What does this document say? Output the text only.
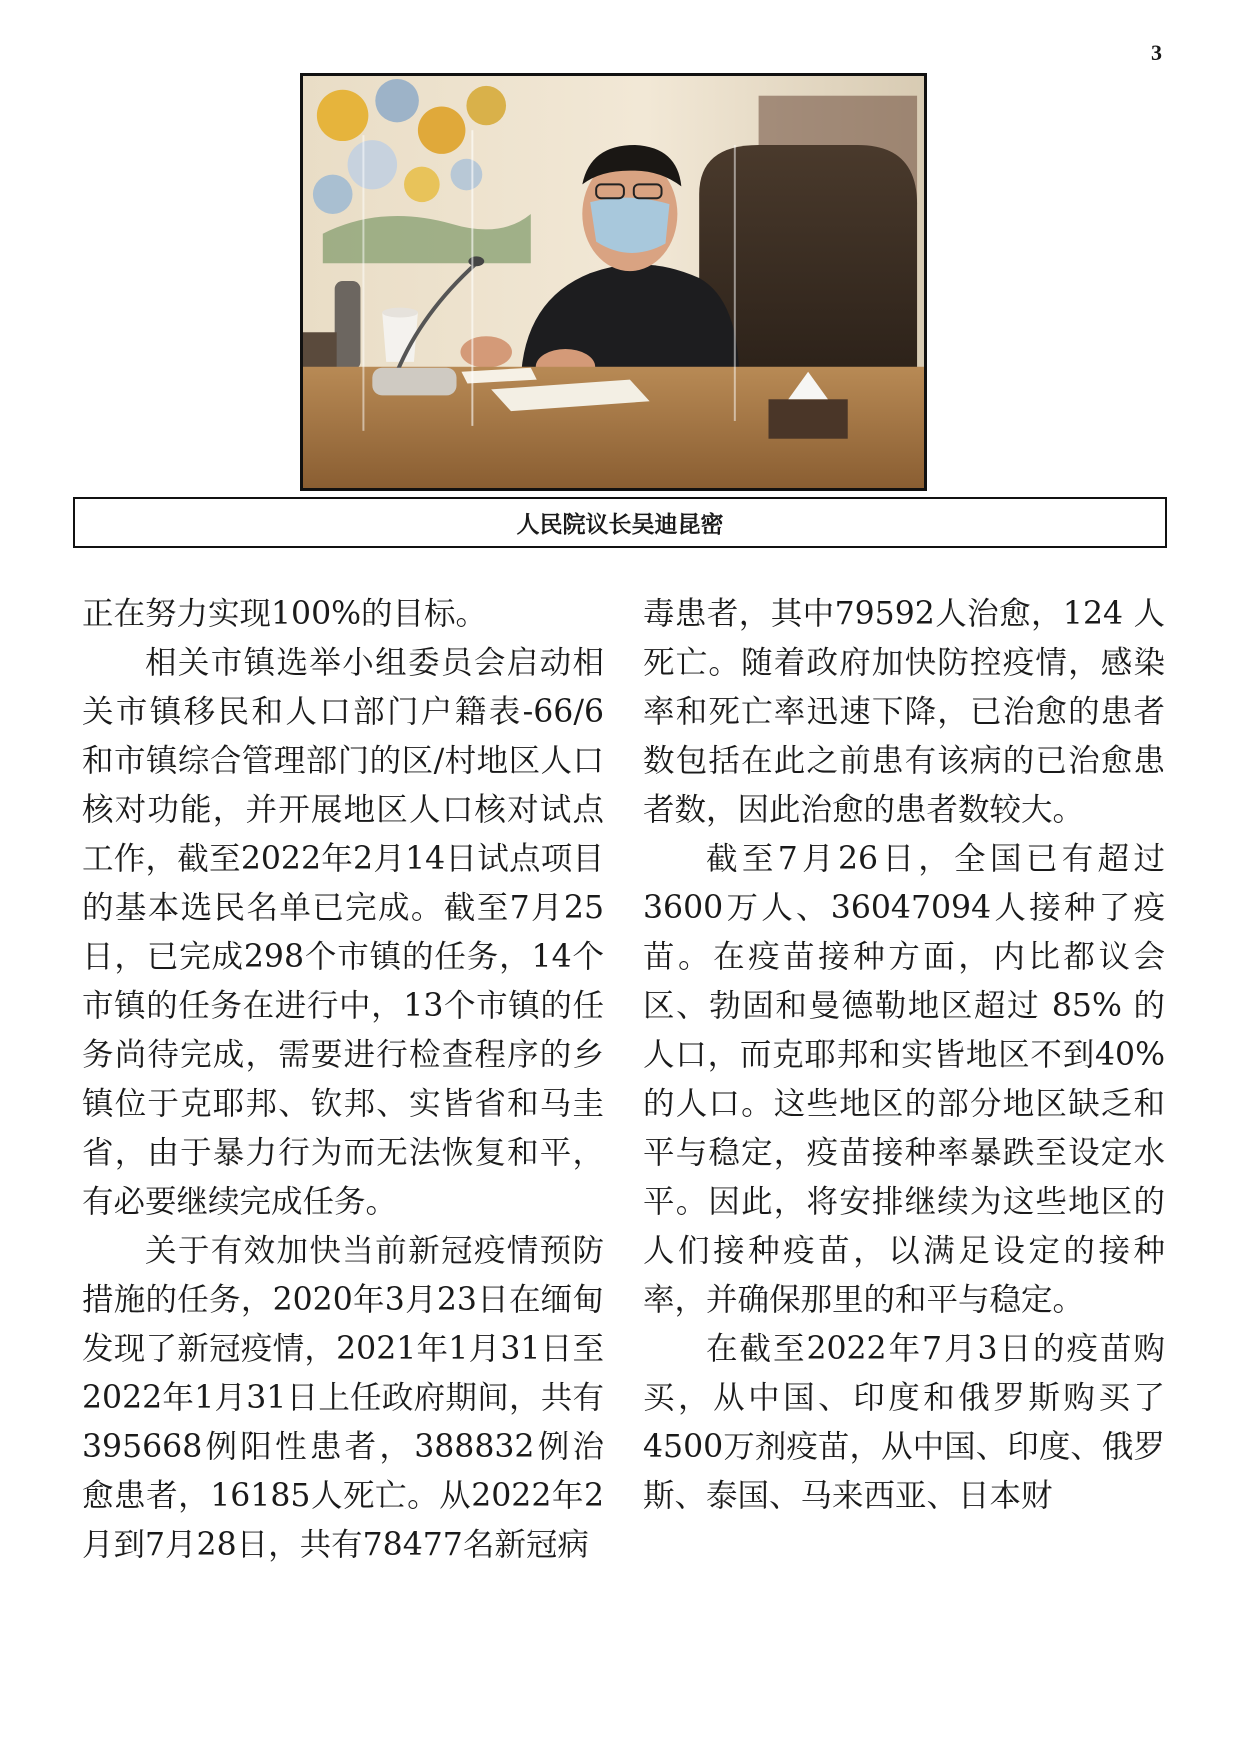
3
人民院议长吴迪昆密

正在努力实现100%的目标。

相关市镇选举小组委员会启动相关市镇移民和人口部门户籍表-66/6和市镇综合管理部门的区/村地区人口核对功能，并开展地区人口核对试点工作，截至2022年2月14日试点项目的基本选民名单已完成。截至7月25日，已完成298个市镇的任务，14个市镇的任务在进行中，13个市镇的任务尚待完成，需要进行检查程序的乡镇位于克耶邦、钦邦、实皆省和马圭省，由于暴力行为而无法恢复和平，有必要继续完成任务。

关于有效加快当前新冠疫情预防措施的任务，2020年3月23日在缅甸发现了新冠疫情，2021年1月31日至2022年1月31日上任政府期间，共有395668例阳性患者，388832例治愈患者，16185人死亡。从2022年2月到7月28日，共有78477名新冠病

毒患者，其中79592人治愈，124 人死亡。随着政府加快防控疫情，感染率和死亡率迅速下降，已治愈的患者数包括在此之前患有该病的已治愈患者数，因此治愈的患者数较大。

截至7月26日，全国已有超过3600万人、36047094人接种了疫苗。在疫苗接种方面，内比都议会区、勃固和曼德勒地区超过 85% 的人口，而克耶邦和实皆地区不到40%　的人口。这些地区的部分地区缺乏和平与稳定，疫苗接种率暴跌至设定水平。因此，将安排继续为这些地区的人们接种疫苗，以满足设定的接种率，并确保那里的和平与稳定。

在截至2022年7月3日的疫苗购买，从中国、印度和俄罗斯购买了4500万剂疫苗，从中国、印度、俄罗斯、泰国、马来西亚、日本财
